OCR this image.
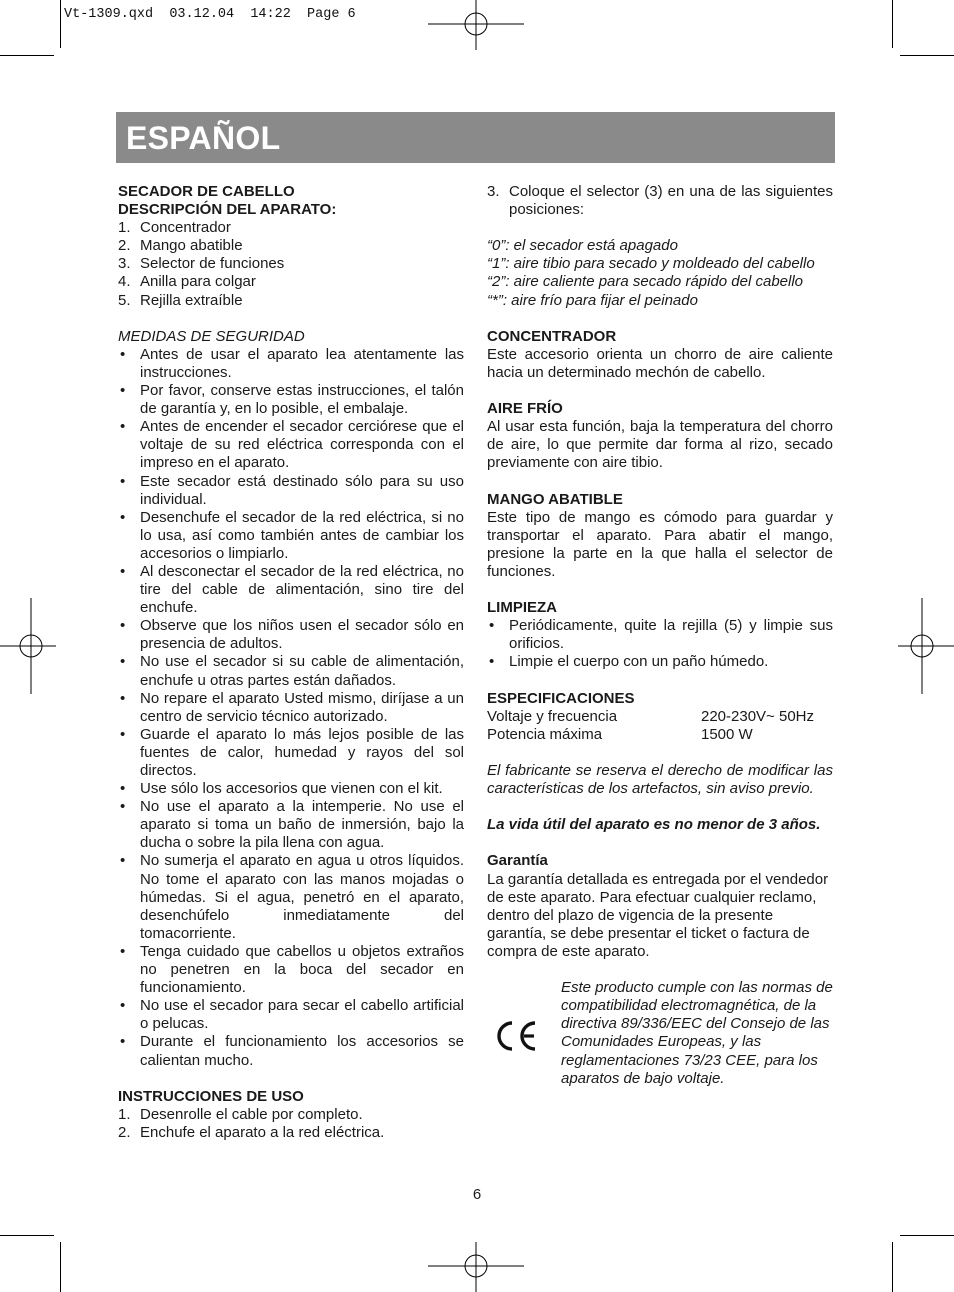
Vt-1309.qxd  03.12.04  14:22  Page 6
ESPAÑOL
SECADOR DE CABELLO
DESCRIPCIÓN DEL APARATO:
1. Concentrador
2. Mango abatible
3. Selector de funciones
4. Anilla para colgar
5. Rejilla extraíble
MEDIDAS DE SEGURIDAD
• Antes de usar el aparato lea atentamente las instrucciones.
• Por favor, conserve estas instrucciones, el talón de garantía y, en lo posible, el embalaje.
• Antes de encender el secador cerciórese que el voltaje de su red eléctrica corresponda con el impreso en el aparato.
• Este secador está destinado sólo para su uso individual.
• Desenchufe el secador de la red eléctrica, si no lo usa, así como también antes de cambiar los accesorios o limpiarlo.
• Al desconectar el secador de la red eléctrica, no tire del cable de alimentación, sino tire del enchufe.
• Observe que los niños usen el secador sólo en presencia de adultos.
• No use el secador si su cable de alimentación, enchufe u otras partes están dañados.
• No repare el aparato Usted mismo, diríjase a un centro de servicio técnico autorizado.
• Guarde el aparato lo más lejos posible de las fuentes de calor, humedad y rayos del sol directos.
• Use sólo los accesorios que vienen con el kit.
• No use el aparato a la intemperie. No use el aparato si toma un baño de inmersión, bajo la ducha o sobre la pila llena con agua.
• No sumerja el aparato en agua u otros líquidos. No tome el aparato con las manos mojadas o húmedas. Si el agua, penetró en el aparato, desenchúfelo inmediatamente del tomacorriente.
• Tenga cuidado que cabellos u objetos extraños no penetren en la boca del secador en funcionamiento.
• No use el secador para secar el cabello artificial o pelucas.
• Durante el funcionamiento los accesorios se calientan mucho.
INSTRUCCIONES DE USO
1. Desenrolle el cable por completo.
2. Enchufe el aparato a la red eléctrica.
3. Coloque el selector (3) en una de las siguientes posiciones:
“0”: el secador está apagado
“1”: aire tibio para secado y moldeado del cabello
“2”: aire caliente para secado rápido del cabello
“*”: aire frío para fijar el peinado
CONCENTRADOR
Este accesorio orienta un chorro de aire caliente hacia un determinado mechón de cabello.
AIRE FRÍO
Al usar esta función, baja la temperatura del chorro de aire, lo que permite dar forma al rizo, secado previamente con aire tibio.
MANGO ABATIBLE
Este tipo de mango es cómodo para guardar y transportar el aparato. Para abatir el mango, presione la parte en la que halla el selector de funciones.
LIMPIEZA
• Periódicamente, quite la rejilla (5) y limpie sus orificios.
• Limpie el cuerpo con un paño húmedo.
ESPECIFICACIONES
Voltaje y frecuencia	220-230V~ 50Hz
Potencia máxima	1500 W
El fabricante se reserva el derecho de modificar las características de los artefactos, sin aviso previo.
La vida útil del aparato es no menor de 3 años.
Garantía
La garantía detallada es entregada por el vendedor de este aparato. Para efectuar cualquier reclamo, dentro del plazo de vigencia de la presente garantía, se debe presentar el ticket o factura de compra de este aparato.
Este producto cumple con las normas de compatibilidad electromagnética, de la directiva 89/336/EEC del Consejo de las Comunidades Europeas, y las reglamentaciones 73/23 CEE, para los aparatos de bajo voltaje.
6
